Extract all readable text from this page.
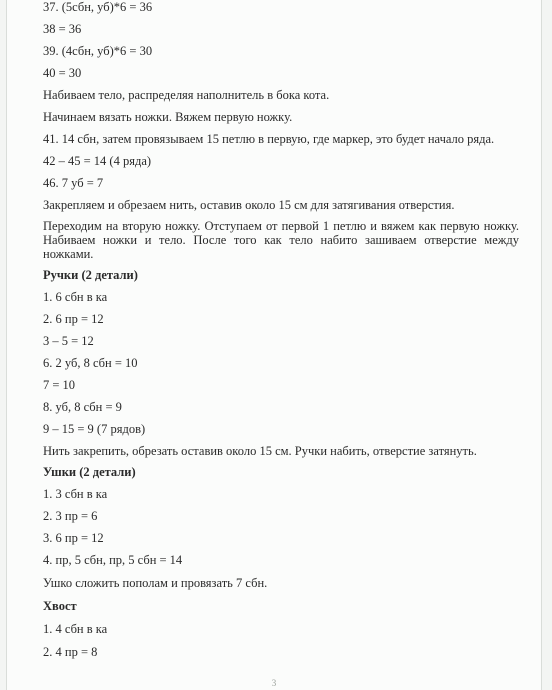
37. (5сбн, уб)*6 = 36
38 = 36
39. (4сбн, уб)*6 = 30
40 = 30
Набиваем тело, распределяя наполнитель в бока кота.
Начинаем вязать ножки. Вяжем первую ножку.
41. 14 сбн, затем провязываем 15 петлю в первую, где маркер, это будет начало ряда.
42 – 45 = 14 (4 ряда)
46. 7 уб = 7
Закрепляем и обрезаем нить, оставив около 15 см для затягивания отверстия.
Переходим на вторую ножку. Отступаем от первой 1 петлю и вяжем как первую ножку. Набиваем ножки и тело. После того как тело набито зашиваем отверстие между ножками.
Ручки (2 детали)
1. 6 сбн в ка
2. 6 пр = 12
3 – 5 = 12
6. 2 уб, 8 сбн = 10
7 = 10
8. уб, 8 сбн = 9
9 – 15 = 9 (7 рядов)
Нить закрепить, обрезать оставив около 15 см. Ручки набить, отверстие затянуть.
Ушки (2 детали)
1. 3 сбн в ка
2. 3 пр = 6
3. 6 пр = 12
4. пр, 5 сбн, пр, 5 сбн = 14
Ушко сложить пополам и провязать 7 сбн.
Хвост
1. 4 сбн в ка
2. 4 пр = 8
3
